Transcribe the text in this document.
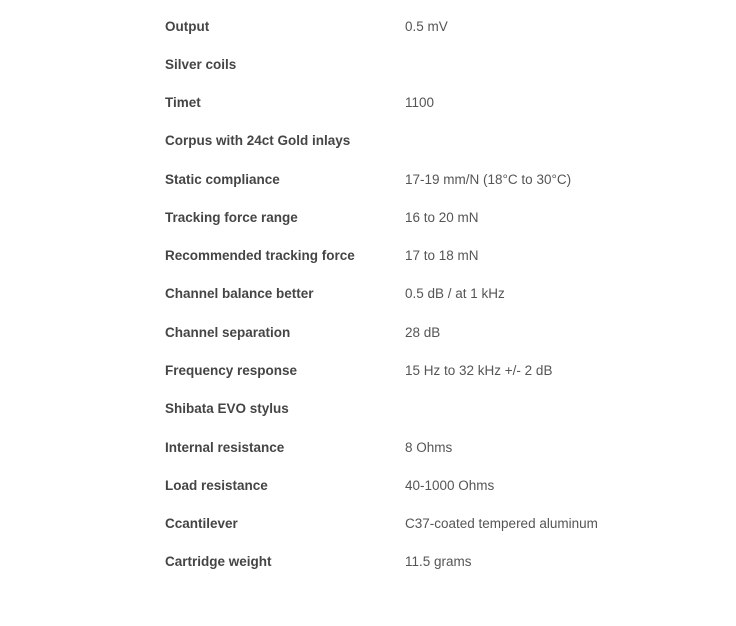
Output	0.5 mV
Silver coils
Timet	1100
Corpus with 24ct Gold inlays
Static compliance	17-19 mm/N (18°C to 30°C)
Tracking force range	16 to 20 mN
Recommended tracking force	17 to 18 mN
Channel balance better	0.5 dB / at 1 kHz
Channel separation	28 dB
Frequency response	15 Hz to 32 kHz +/- 2 dB
Shibata EVO stylus
Internal resistance	8 Ohms
Load resistance	40-1000 Ohms
Ccantilever	C37-coated tempered aluminum
Cartridge weight	11.5 grams
